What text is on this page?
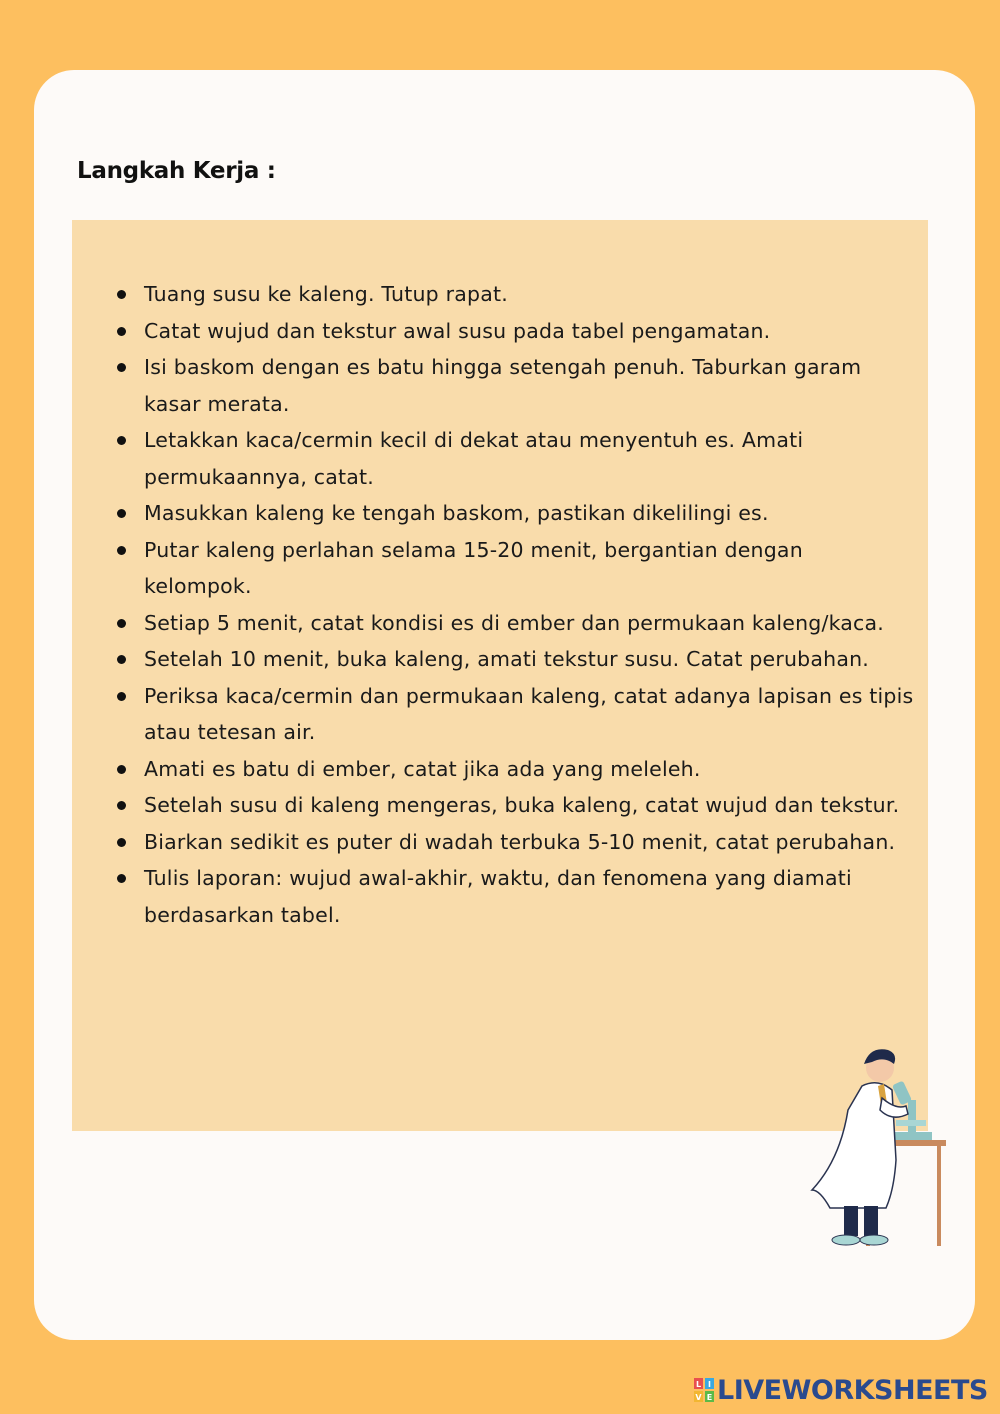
Langkah Kerja :
Tuang susu ke kaleng. Tutup rapat.
Catat wujud dan tekstur awal susu pada tabel pengamatan.
Isi baskom dengan es batu hingga setengah penuh. Taburkan garam kasar merata.
Letakkan kaca/cermin kecil di dekat atau menyentuh es. Amati permukaannya, catat.
Masukkan kaleng ke tengah baskom, pastikan dikelilingi es.
Putar kaleng perlahan selama 15-20 menit, bergantian dengan kelompok.
Setiap 5 menit, catat kondisi es di ember dan permukaan kaleng/kaca.
Setelah 10 menit, buka kaleng, amati tekstur susu. Catat perubahan.
Periksa kaca/cermin dan permukaan kaleng, catat adanya lapisan es tipis atau tetesan air.
Amati es batu di ember, catat jika ada yang meleleh.
Setelah susu di kaleng mengeras, buka kaleng, catat wujud dan tekstur.
Biarkan sedikit es puter di wadah terbuka 5-10 menit, catat perubahan.
Tulis laporan: wujud awal-akhir, waktu, dan fenomena yang diamati berdasarkan tabel.
L I
V E LIVEWORKSHEETS
